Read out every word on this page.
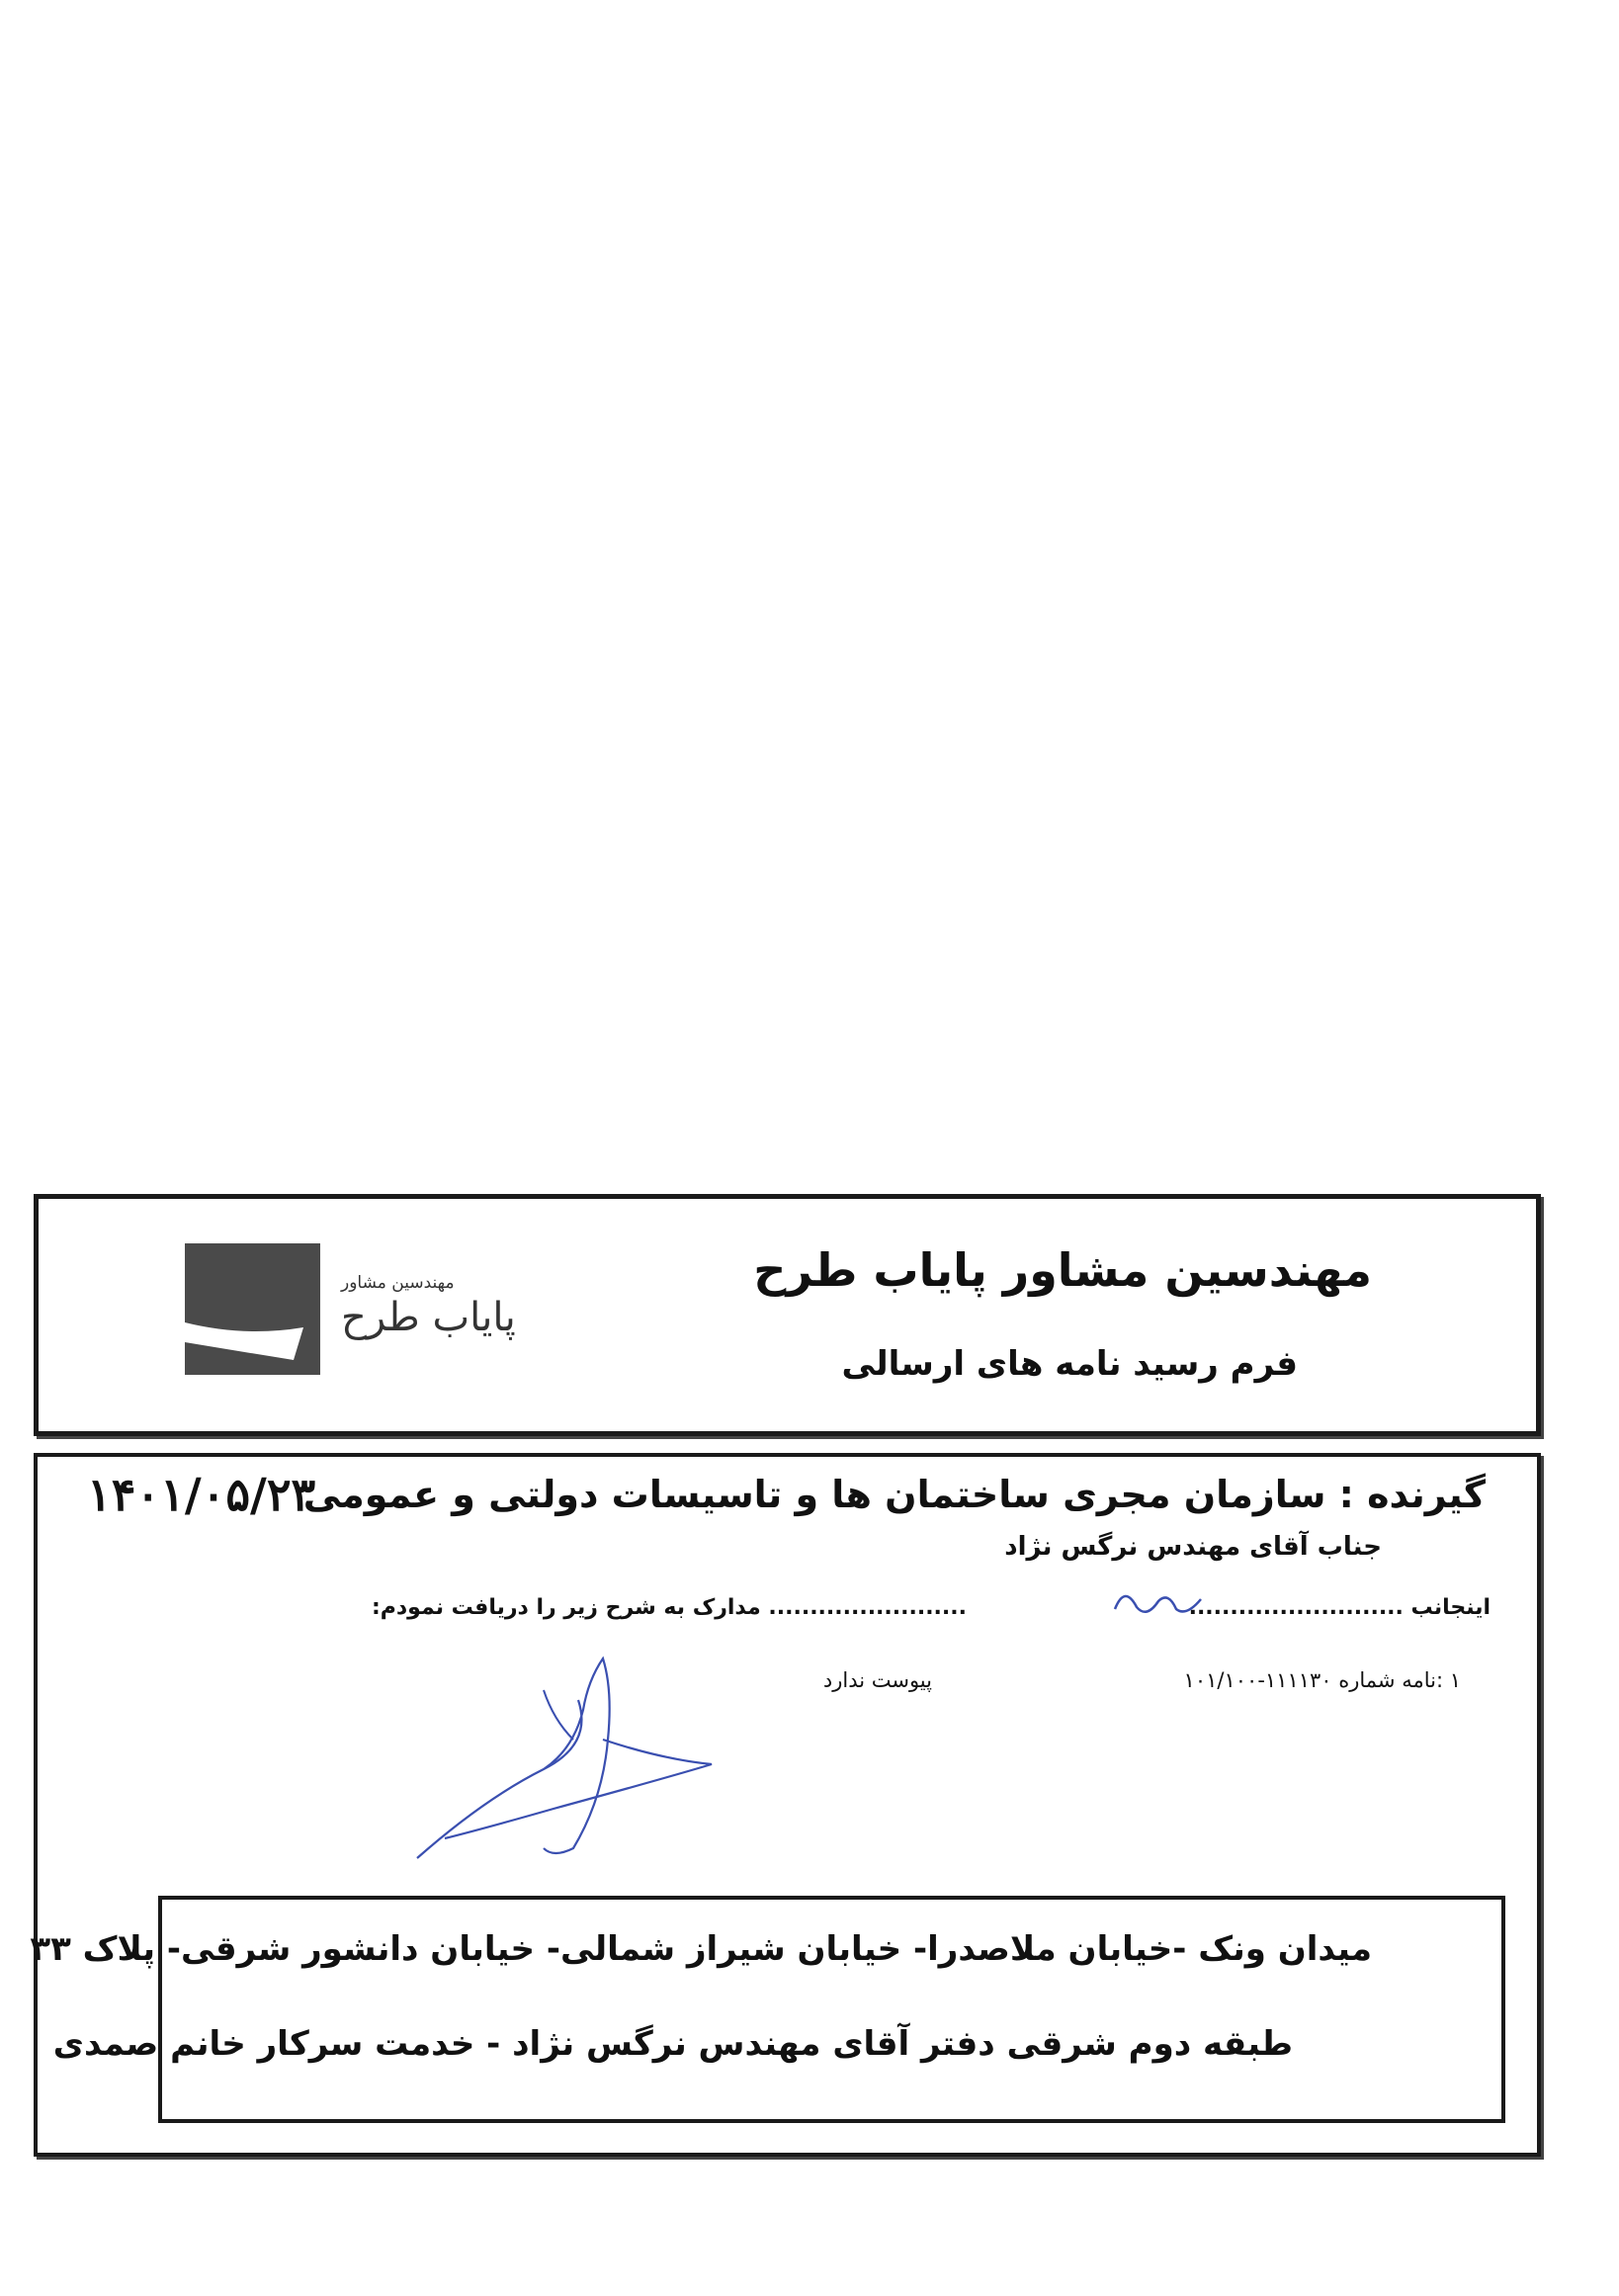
مهندسین مشاور
پایاب طرح
مهندسین مشاور پایاب طرح
فرم رسید نامه های ارسالی
۱۴۰۱/۰۵/۲۳
گیرنده : سازمان مجری ساختمان ها و تاسیسات دولتی و عمومی
جناب آقای مهندس نرگس نژاد
اینجانب ..........................
........................ مدارک به شرح زیر را دریافت نمودم:
۱ :نامه شماره ۱۱۱۱۳۰-۱۰۱/۱۰۰
پیوست ندارد
میدان ونک -خیابان ملاصدرا- خیابان شیراز شمالی- خیابان دانشور شرقی- پلاک ۳۳
طبقه دوم شرقی دفتر آقای مهندس نرگس نژاد - خدمت سرکار خانم صمدی
